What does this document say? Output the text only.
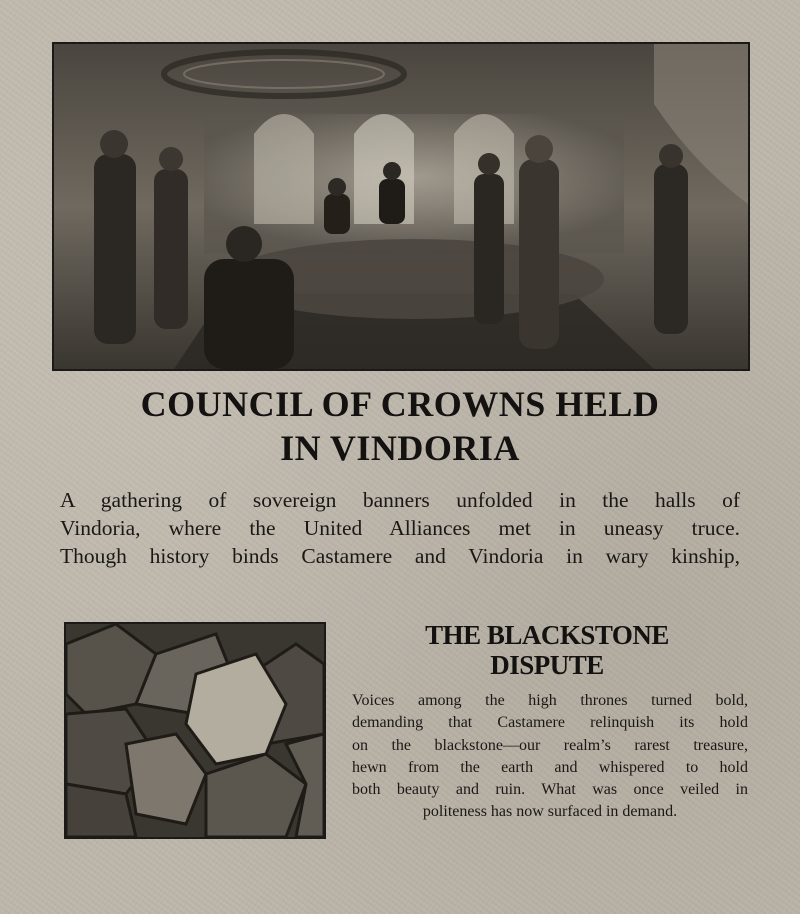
COUNCIL OF CROWNS HELD
IN VINDORIA

A gathering of sovereign banners unfolded in the halls of
Vindoria, where the United Alliances met in uneasy truce.
Though history binds Castamere and Vindoria in wary kinship,

THE BLACKSTONE
DISPUTE

Voices among the high thrones turned bold,
demanding that Castamere relinquish its hold
on the blackstone—our realm’s rarest treasure,
hewn from the earth and whispered to hold
both beauty and ruin. What was once veiled in
politeness has now surfaced in demand.
